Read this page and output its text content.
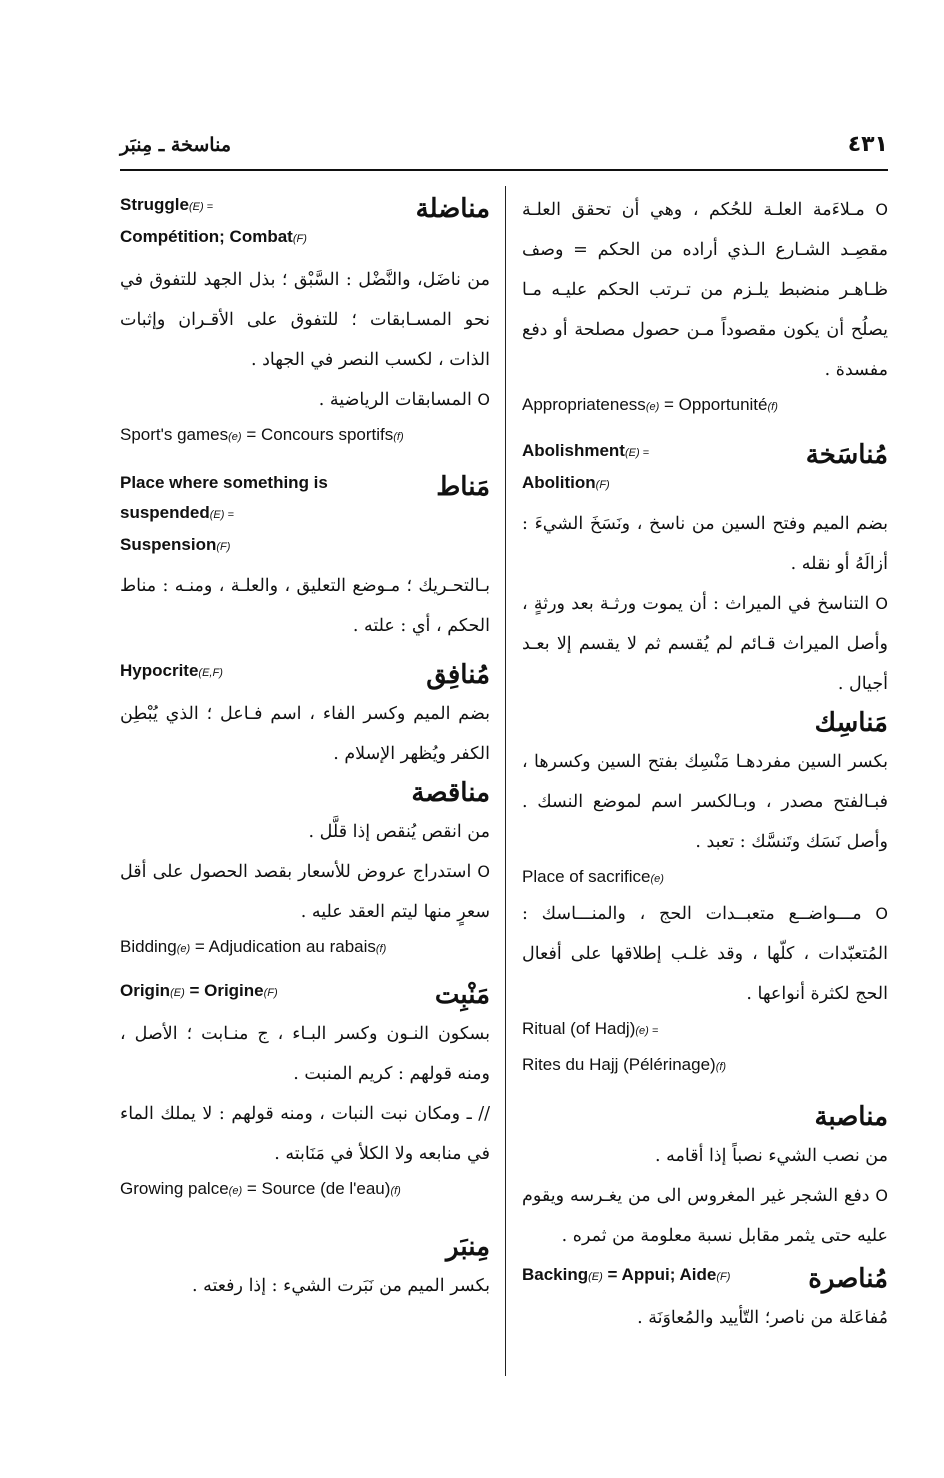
مناسخة ـ مِنبَر	٤٣١
Struggle(E) =
Compétition; Combat(F)
مناضلة
من ناضَل، والنَّضْل : السَّبْق ؛ بذل الجهد للتفوق في نحو المسـابقات ؛ للتفوق على الأقـران وإثبات الذات ، لكسب النصر في الجهاد .
O المسابقات الرياضية .
Sport's games(e) = Concours sportifs(f)
Place where something is
suspended(E) =
Suspension(F)
مَناط
بـالتحـريك ؛ مـوضع التعليق ، والعلـة ، ومنـه : مناط الحكم ، أي : علته .
Hypocrite(E,F)	مُنافِق
بضم الميم وكسر الفاء ، اسم فـاعل ؛ الذي يُبْطِن الكفر ويُظهر الإسلام .
مناقصة
من انقص يُنقص إذا قلَّل .
O استدراج عروض للأسعار بقصد الحصول على أقل سعرٍ منها ليتم العقد عليه .
Bidding(e) = Adjudication au rabais(f)
Origin(E) = Origine(F)	مَنْبِت
بسكون النـون وكسر البـاء ، ج منـابت ؛ الأصل ، ومنه قولهم : كريم المنبت .
// ـ ومكان نبت النبات ، ومنه قولهم : لا يملك الماء في منابعه ولا الكلأ في مَنَابته .
Growing palce(e) = Source (de l'eau)(f)
مِنبَر
بكسر الميم من نَبَرت الشيء : إذا رفعته .
O مـلاءَمة العلـة للحُكم ، وهي أن تحقق العلـة مقصِـد الشـارع الـذي أراده من الحكم = وصف ظـاهـر منضبط يلـزم من تـرتب الحكم عليـه مـا يصلُح أن يكون مقصوداً مـن حصول مصلحة أو دفع مفسدة .
Appropriateness(e) = Opportunité(f)
Abolishment(E) =
Abolition(F)
مُناسَخة
بضم الميم وفتح السين من ناسخ ، ونَسَخَ الشيءَ : أزالَهُ أو نقله .
O التناسخ في الميراث : أن يموت ورثـة بعد ورثةٍ ، وأصل الميراث قـائم لم يُقسم ثم لا يقسم إلا بعـد أجيال .
مَناسِك
بكسر السين مفردهـا مَنْسِك بفتح السين وكسرها ، فبـالفتح مصدر ، وبـالكسر اسم لموضع النسك . وأصل نَسَك وتَنسَّك : تعبد .
Place of sacrifice(e)
O مـــواضــع متعبــدات الحج ، والمنـــاسك : المُتعبّدات ، كلّها ، وقد غلـب إطلاقها على أفعال الحج لكثرة أنواعها .
Ritual (of Hadj)(e) =
Rites du Hajj (Pélérinage)(f)
مناصبة
من نصب الشيء نصباً إذا أقامه .
O دفع الشجر غير المغروس الى من يغـرسه ويقوم عليه حتى يثمر مقابل نسبة معلومة من ثمره .
Backing(E) = Appui; Aide(F)	مُناصرة
مُفاعَلة من ناصر؛ التّأييد والمُعاوَنَة .
